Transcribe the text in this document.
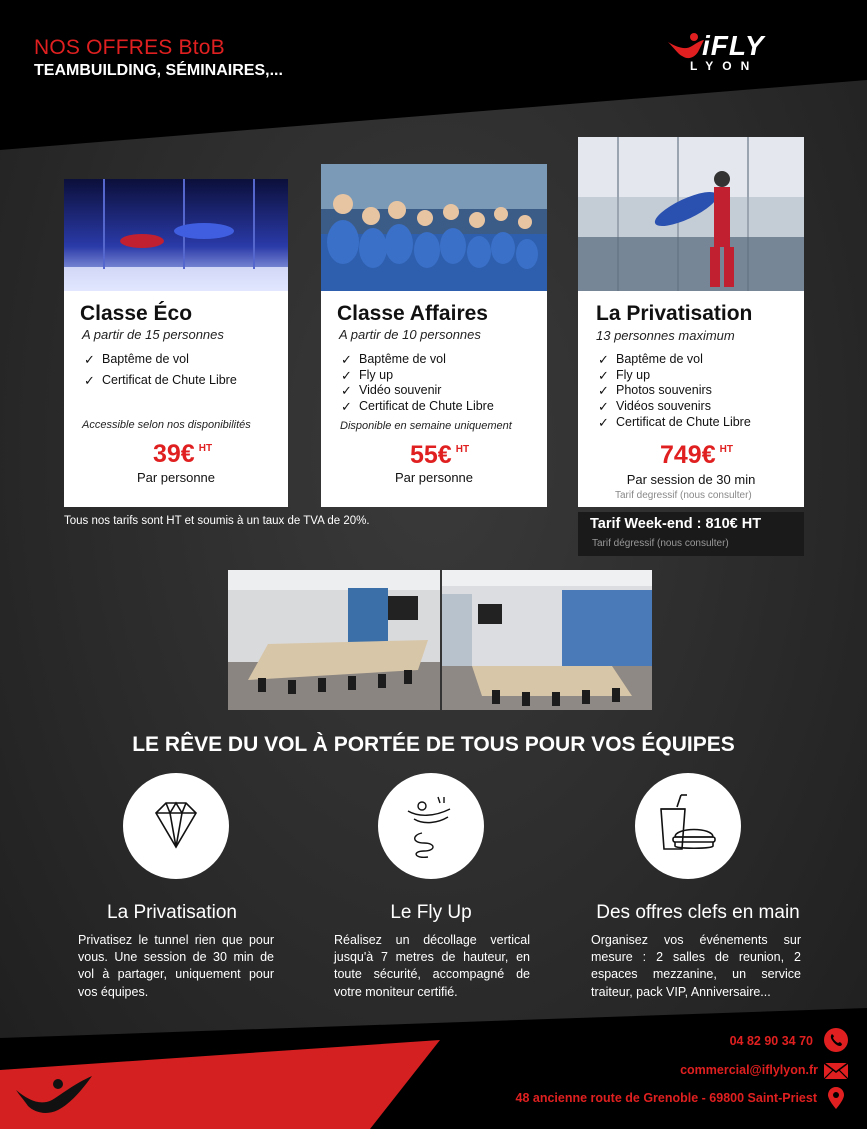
NOS OFFRES BtoB
TEAMBUILDING, SÉMINAIRES,...
iFLY
LYON
Classe Éco
A partir de 15 personnes
✓ Baptême de vol
✓ Certificat de Chute Libre
Accessible selon nos disponibilités
39€ $^{HT}$
Par personne
Classe Affaires
A partir de 10 personnes
✓ Baptême de vol
✓ Fly up
✓ Vidéo souvenir
✓ Certificat de Chute Libre
Disponible en semaine uniquement
55€ $^{HT}$
Par personne
La Privatisation
13 personnes maximum
✓ Baptême de vol
✓ Fly up
✓ Photos souvenirs
✓ Vidéos souvenirs
✓ Certificat de Chute Libre
749€ $^{HT}$
Par session de 30 min
Tarif degressif (nous consulter)
Tarif Week-end : 810€ HT
Tarif dégressif (nous consulter)
Tous nos tarifs sont HT et soumis à un taux de TVA de 20%.
LE RÊVE DU VOL À PORTÉE DE TOUS POUR VOS ÉQUIPES
La Privatisation
Privatisez le tunnel rien que pour vous. Une session de 30 min de vol à partager, uniquement pour vos équipes.
Le Fly Up
Réalisez un décollage vertical jusqu'à 7 metres de hauteur, en toute sécurité, accompagné de votre moniteur certifié.
Des offres clefs en main
Organisez vos événements sur mesure : 2 salles de reunion, 2 espaces mezzanine, un service traiteur, pack VIP, Anniversaire...
04 82 90 34 70
commercial@iflylyon.fr
48 ancienne route de Grenoble - 69800 Saint-Priest
